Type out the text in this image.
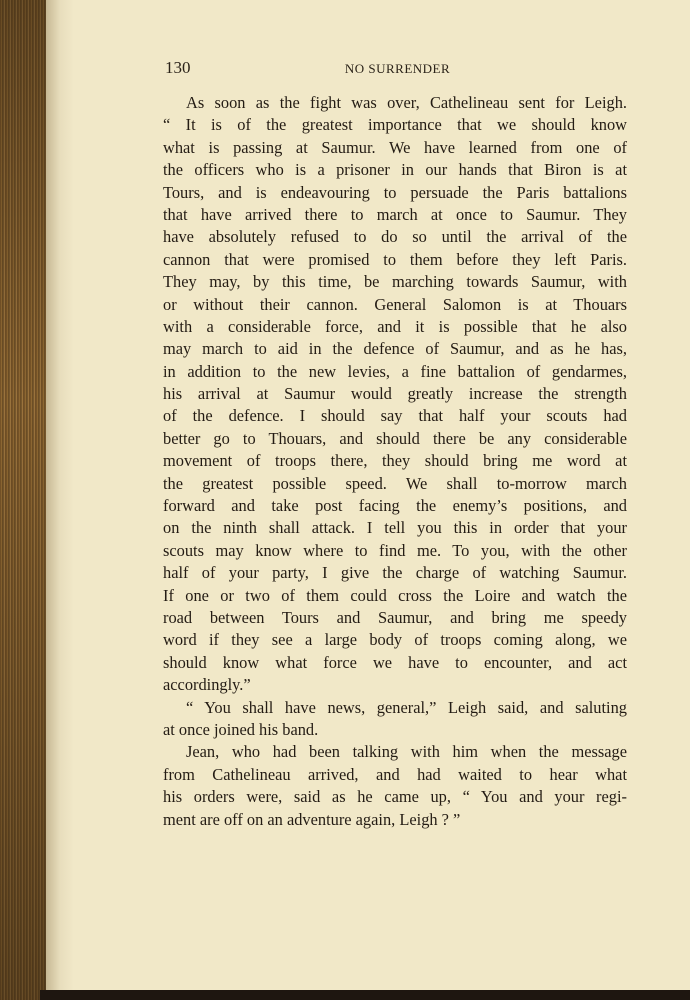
130	NO SURRENDER
As soon as the fight was over, Cathelineau sent for Leigh.
“ It is of the greatest importance that we should know
what is passing at Saumur. We have learned from one of
the officers who is a prisoner in our hands that Biron is at
Tours, and is endeavouring to persuade the Paris battalions
that have arrived there to march at once to Saumur. They
have absolutely refused to do so until the arrival of the
cannon that were promised to them before they left Paris.
They may, by this time, be marching towards Saumur, with
or without their cannon. General Salomon is at Thouars
with a considerable force, and it is possible that he also
may march to aid in the defence of Saumur, and as he has,
in addition to the new levies, a fine battalion of gendarmes,
his arrival at Saumur would greatly increase the strength
of the defence. I should say that half your scouts had
better go to Thouars, and should there be any considerable
movement of troops there, they should bring me word at
the greatest possible speed. We shall to-morrow march
forward and take post facing the enemy’s positions, and
on the ninth shall attack. I tell you this in order that your
scouts may know where to find me. To you, with the other
half of your party, I give the charge of watching Saumur.
If one or two of them could cross the Loire and watch the
road between Tours and Saumur, and bring me speedy
word if they see a large body of troops coming along, we
should know what force we have to encounter, and act
accordingly.”
“ You shall have news, general,” Leigh said, and saluting
at once joined his band.
Jean, who had been talking with him when the message
from Cathelineau arrived, and had waited to hear what
his orders were, said as he came up, “ You and your regi-
ment are off on an adventure again, Leigh ? ”
